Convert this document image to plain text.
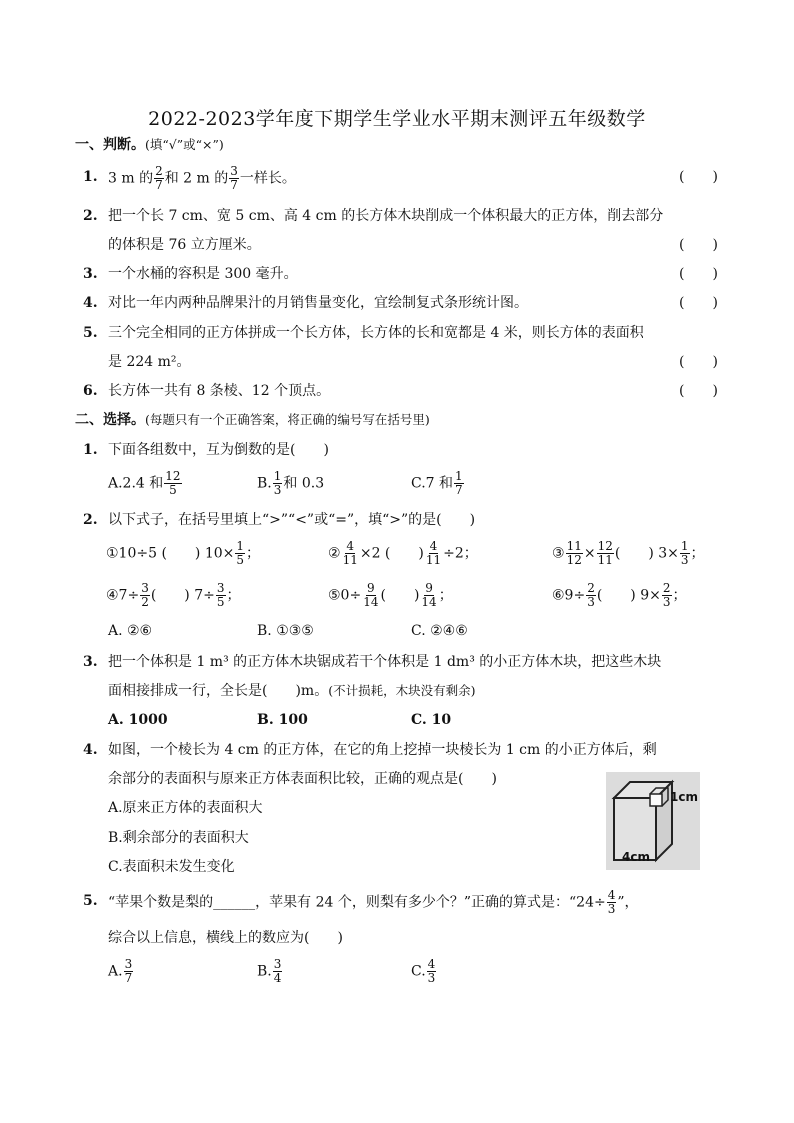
2022-2023学年度下期学生学业水平期末测评五年级数学
一、判断。(填“√”或“×”)
1. 3 m 的 $\frac{2}{7}$ 和 2 m 的 $\frac{3}{7}$ 一样长。	(　　)
2. 把一个长 7 cm、宽 5 cm、高 4 cm 的长方体木块削成一个体积最大的正方体，削去部分
的体积是 76 立方厘米。	(　　)
3. 一个水桶的容积是 300 毫升。	(　　)
4. 对比一年内两种品牌果汁的月销售量变化，宜绘制复式条形统计图。	(　　)
5. 三个完全相同的正方体拼成一个长方体，长方体的长和宽都是 4 米，则长方体的表面积
是 224 m²。	(　　)
6. 长方体一共有 8 条棱、12 个顶点。	(　　)
二、选择。(每题只有一个正确答案，将正确的编号写在括号里)
1. 下面各组数中，互为倒数的是(　　)
A.2.4 和 $\frac{12}{5}$	B. $\frac{1}{3}$ 和 0.3	C.7 和 $\frac{1}{7}$
2. 以下式子，在括号里填上“>”“<”或“=”，填“>”的是(　　)
①10÷5 (　　) $10\times \frac{1}{5}$ ；	② $\frac{4}{11} \times 2$ (　　) $\frac{4}{11} \div 2$；	③ $\frac{11}{12} \times \frac{12}{11}$ (　　) $3\times \frac{1}{3}$ ；
④7÷ $\frac{3}{2}$ (　　) $7\div \frac{3}{5}$ ；	⑤0÷ $\frac{9}{14}$ (　　) $\frac{9}{14}$ ；	⑥9÷ $\frac{2}{3}$ (　　) $9\times \frac{2}{3}$ ；
A. ②⑥	B. ①③⑤	C. ②④⑥
3. 把一个体积是 1 m³ 的正方体木块锯成若干个体积是 1 dm³ 的小正方体木块，把这些木块
面相接排成一行，全长是(　　)m。(不计损耗，木块没有剩余)
A. 1000	B. 100	C. 10
4. 如图，一个棱长为 4 cm 的正方体，在它的角上挖掉一块棱长为 1 cm 的小正方体后，剩
余部分的表面积与原来正方体表面积比较，正确的观点是(　　)
A.原来正方体的表面积大
B.剩余部分的表面积大
C.表面积未发生变化
1cm
4cm
5. “苹果个数是梨的______，苹果有 24 个，则梨有多少个？”正确的算式是：“$24\div \frac{4}{3}$ ”，
综合以上信息，横线上的数应为(　　)
A. $\frac{3}{7}$	B. $\frac{3}{4}$	C. $\frac{4}{3}$
